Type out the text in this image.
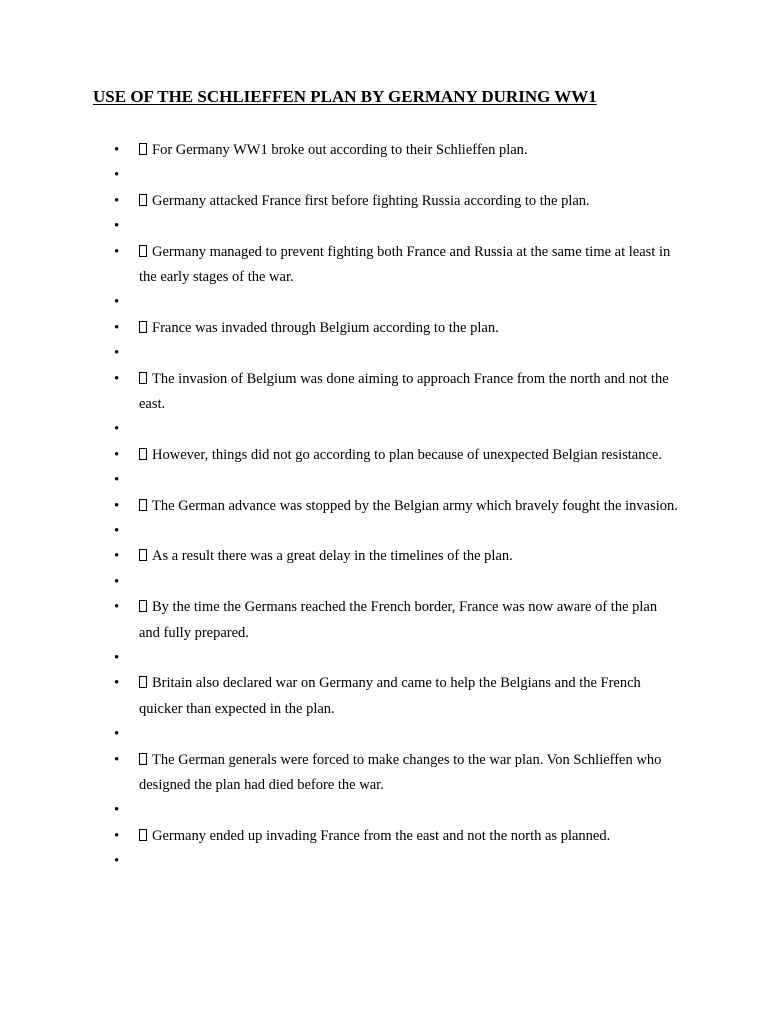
USE OF THE SCHLIEFFEN PLAN BY GERMANY DURING WW1
• For Germany WW1 broke out according to their Schlieffen plan.
•
• Germany attacked France first before fighting Russia according to the plan.
•
• Germany managed to prevent fighting both France and Russia at the same time at least in the early stages of the war.
•
• France was invaded through Belgium according to the plan.
•
• The invasion of Belgium was done aiming to approach France from the north and not the east.
•
• However, things did not go according to plan because of unexpected Belgian resistance.
•
• The German advance was stopped by the Belgian army which bravely fought the invasion.
•
• As a result there was a great delay in the timelines of the plan.
•
• By the time the Germans reached the French border, France was now aware of the plan and fully prepared.
•
• Britain also declared war on Germany and came to help the Belgians and the French quicker than expected in the plan.
•
• The German generals were forced to make changes to the war plan. Von Schlieffen who designed the plan had died before the war.
•
• Germany ended up invading France from the east and not the north as planned.
•
